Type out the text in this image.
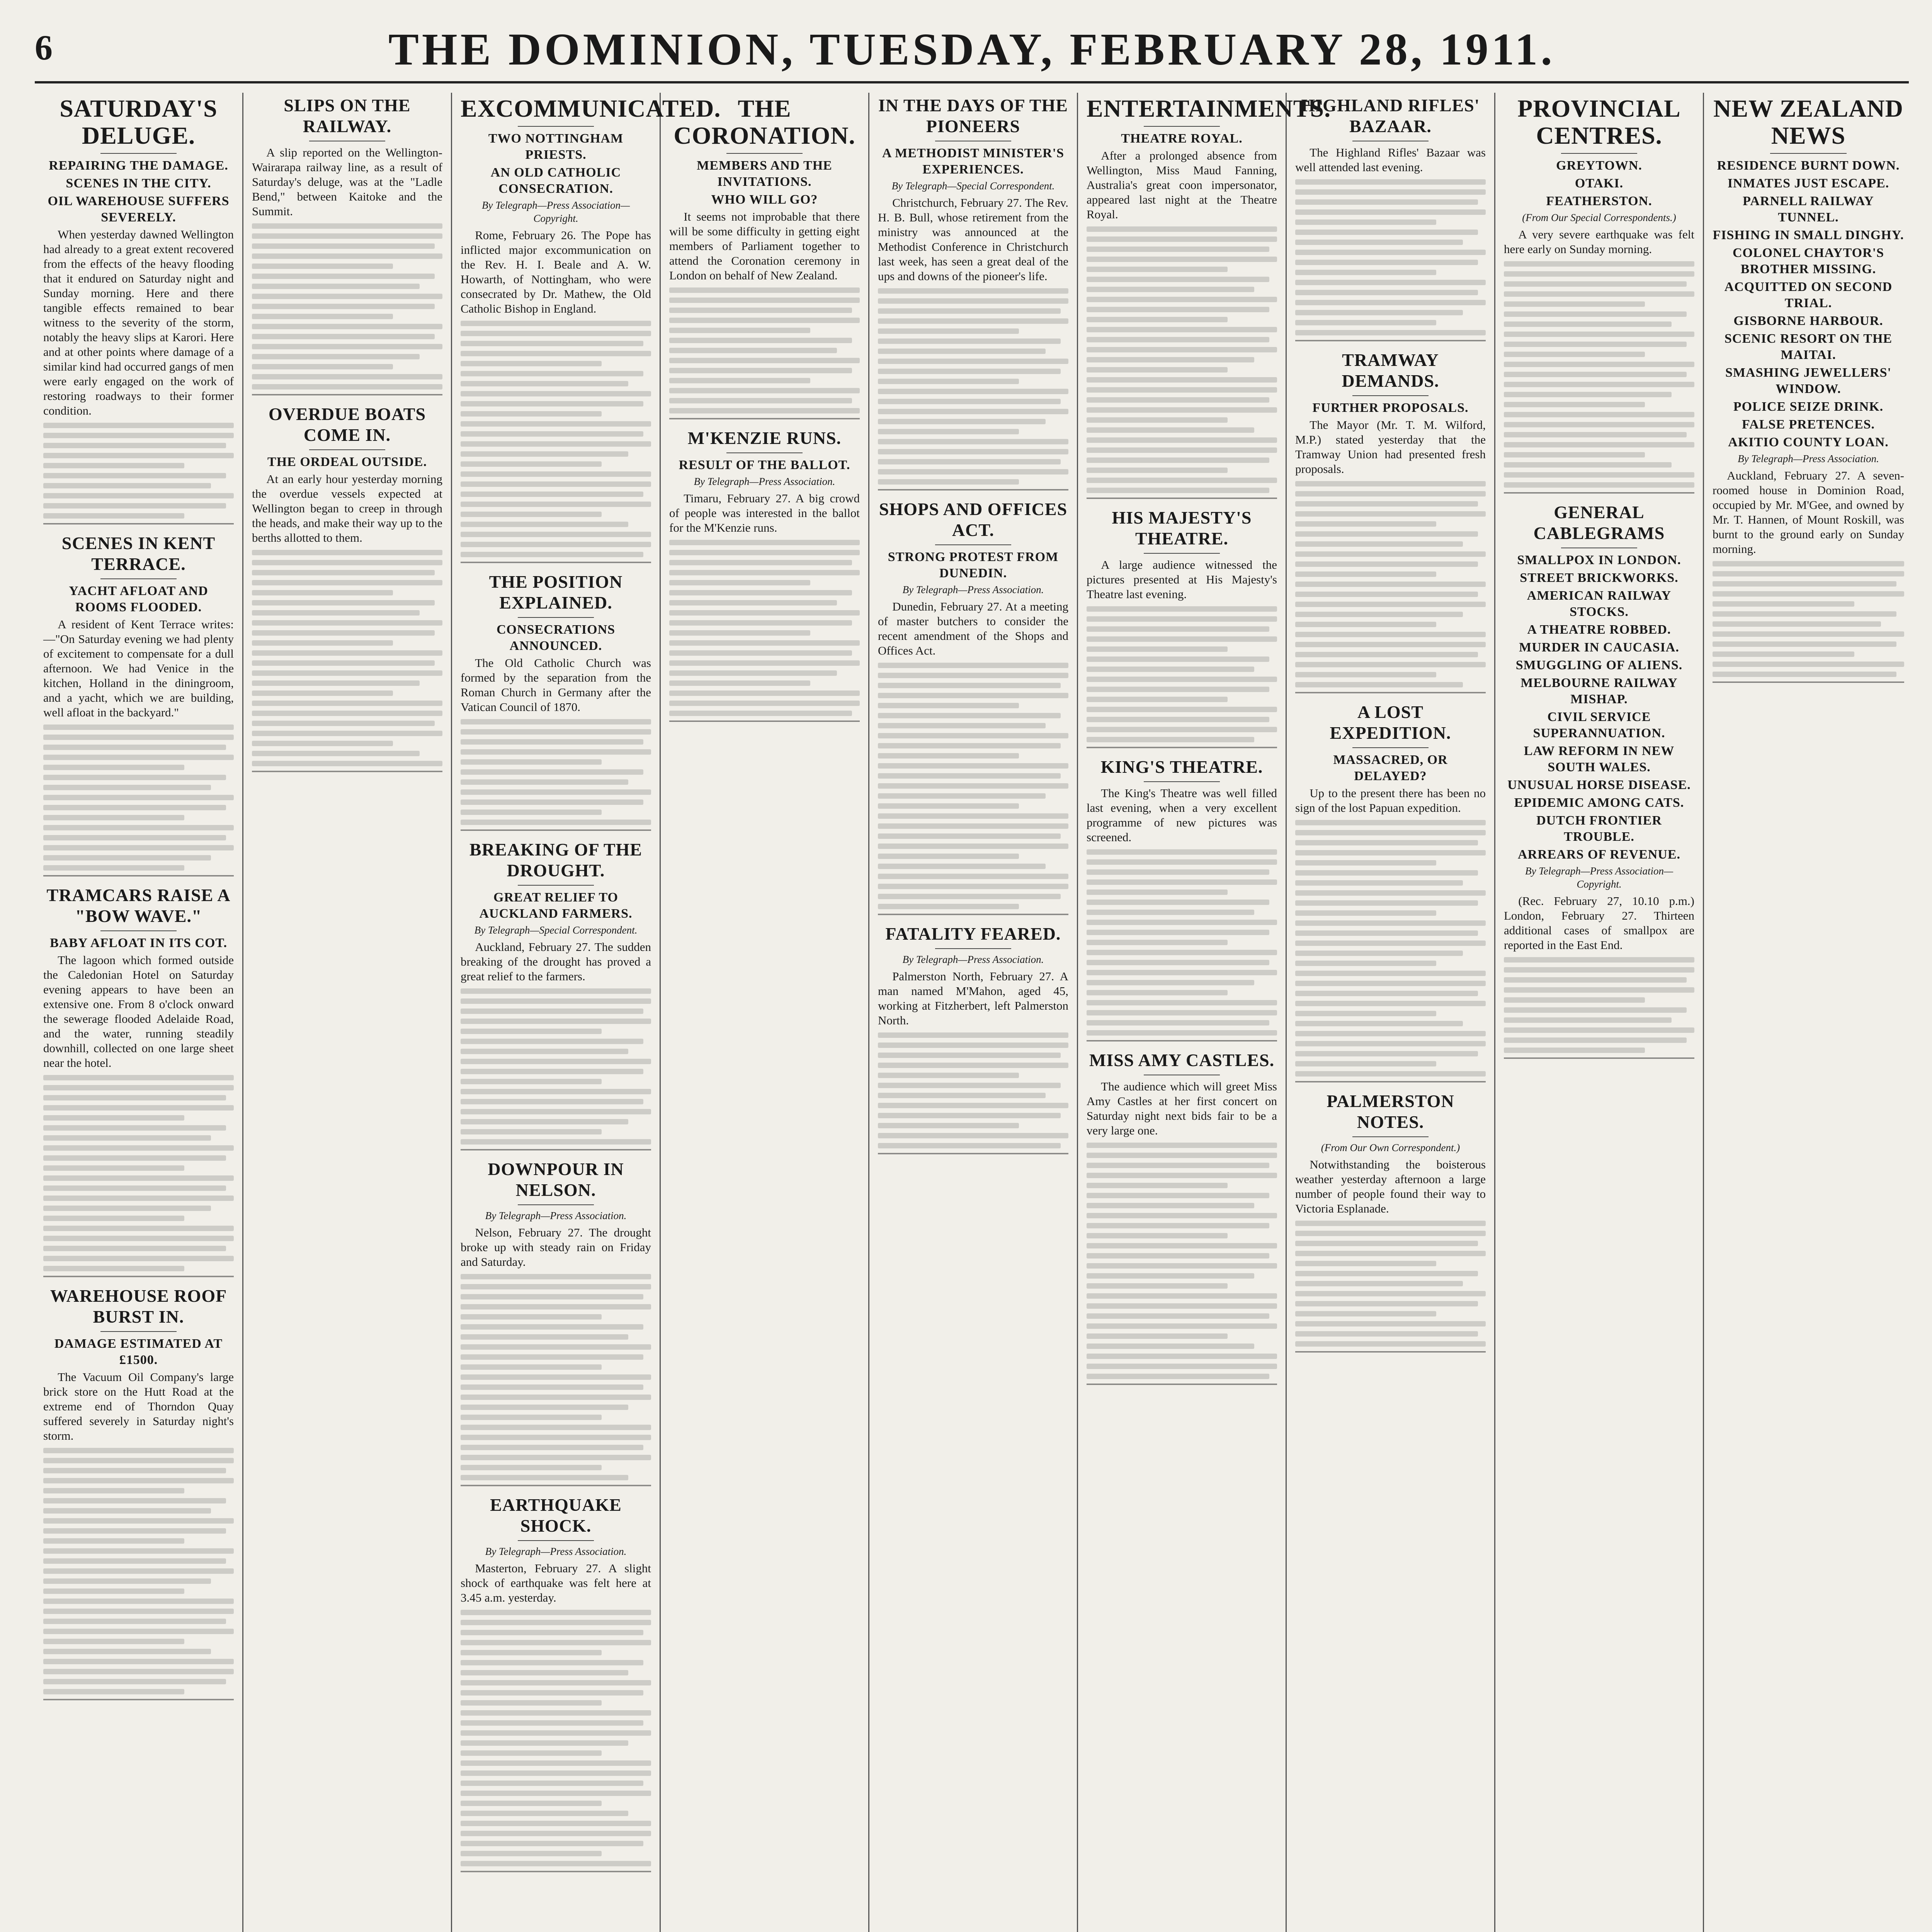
6	THE DOMINION, TUESDAY, FEBRUARY 28, 1911.
SATURDAY'S DELUGE.
REPAIRING THE DAMAGE.
SCENES IN THE CITY.
OIL WAREHOUSE SUFFERS SEVERELY.

When yesterday dawned Wellington had already to a great extent recovered from the effects of the heavy flooding that it endured on Saturday night and Sunday morning. Here and there tangible effects remained to bear witness to the severity of the storm, notably the heavy slips at Karori. Here and at other points where damage of a similar kind had occurred gangs of men were early engaged on the work of restoring roadways to their former condition.

SCENES IN KENT TERRACE.
YACHT AFLOAT AND ROOMS FLOODED.

A resident of Kent Terrace writes:—"On Saturday evening we had plenty of excitement to compensate for a dull afternoon. We had Venice in the kitchen, Holland in the diningroom, and a yacht, which we are building, well afloat in the backyard."

TRAMCARS RAISE A "BOW WAVE."
BABY AFLOAT IN ITS COT.

The lagoon which formed outside the Caledonian Hotel on Saturday evening appears to have been an extensive one. From 8 o'clock onward the sewerage flooded Adelaide Road, and the water, running steadily downhill, collected on one large sheet near the hotel.

WAREHOUSE ROOF BURST IN.
DAMAGE ESTIMATED AT £1500.

The Vacuum Oil Company's large brick store on the Hutt Road at the extreme end of Thorndon Quay suffered severely in Saturday night's storm.

SLIPS ON THE RAILWAY.

A slip reported on the Wellington-Wairarapa railway line, as a result of Saturday's deluge, was at the "Ladle Bend," between Kaitoke and the Summit.

OVERDUE BOATS COME IN.
THE ORDEAL OUTSIDE.

At an early hour yesterday morning the overdue vessels expected at Wellington began to creep in through the heads, and make their way up to the berths allotted to them.

EXCOMMUNICATED.
TWO NOTTINGHAM PRIESTS.
AN OLD CATHOLIC CONSECRATION.
By Telegraph—Press Association—Copyright.

Rome, February 26. The Pope has inflicted major excommunication on the Rev. H. I. Beale and A. W. Howarth, of Nottingham, who were consecrated by Dr. Mathew, the Old Catholic Bishop in England.

THE POSITION EXPLAINED.
CONSECRATIONS ANNOUNCED.

The Old Catholic Church was formed by the separation from the Roman Church in Germany after the Vatican Council of 1870.

BREAKING OF THE DROUGHT.
GREAT RELIEF TO AUCKLAND FARMERS.
By Telegraph—Special Correspondent.

Auckland, February 27. The sudden breaking of the drought has proved a great relief to the farmers.

DOWNPOUR IN NELSON.
By Telegraph—Press Association.

Nelson, February 27. The drought broke up with steady rain on Friday and Saturday.

EARTHQUAKE SHOCK.
By Telegraph—Press Association.

Masterton, February 27. A slight shock of earthquake was felt here at 3.45 a.m. yesterday.

THE CORONATION.
MEMBERS AND THE INVITATIONS.
WHO WILL GO?

It seems not improbable that there will be some difficulty in getting eight members of Parliament together to attend the Coronation ceremony in London on behalf of New Zealand.

M'KENZIE RUNS.
RESULT OF THE BALLOT.
By Telegraph—Press Association.

Timaru, February 27. A big crowd of people was interested in the ballot for the M'Kenzie runs.

IN THE DAYS OF THE PIONEERS
A METHODIST MINISTER'S EXPERIENCES.
By Telegraph—Special Correspondent.

Christchurch, February 27. The Rev. H. B. Bull, whose retirement from the ministry was announced at the Methodist Conference in Christchurch last week, has seen a great deal of the ups and downs of the pioneer's life.

SHOPS AND OFFICES ACT.
STRONG PROTEST FROM DUNEDIN.
By Telegraph—Press Association.

Dunedin, February 27. At a meeting of master butchers to consider the recent amendment of the Shops and Offices Act.

FATALITY FEARED.
By Telegraph—Press Association.

Palmerston North, February 27. A man named M'Mahon, aged 45, working at Fitzherbert, left Palmerston North.

ENTERTAINMENTS.
THEATRE ROYAL.

After a prolonged absence from Wellington, Miss Maud Fanning, Australia's great coon impersonator, appeared last night at the Theatre Royal.

HIS MAJESTY'S THEATRE.

A large audience witnessed the pictures presented at His Majesty's Theatre last evening.

KING'S THEATRE.

The King's Theatre was well filled last evening, when a very excellent programme of new pictures was screened.

MISS AMY CASTLES.

The audience which will greet Miss Amy Castles at her first concert on Saturday night next bids fair to be a very large one.

HIGHLAND RIFLES' BAZAAR.

The Highland Rifles' Bazaar was well attended last evening.

TRAMWAY DEMANDS.
FURTHER PROPOSALS.

The Mayor (Mr. T. M. Wilford, M.P.) stated yesterday that the Tramway Union had presented fresh proposals.

A LOST EXPEDITION.
MASSACRED, OR DELAYED?

Up to the present there has been no sign of the lost Papuan expedition.

PALMERSTON NOTES.
(From Our Own Correspondent.)

Notwithstanding the boisterous weather yesterday afternoon a large number of people found their way to Victoria Esplanade.

PROVINCIAL CENTRES.
GREYTOWN.
OTAKI.
FEATHERSTON.
(From Our Special Correspondents.)

A very severe earthquake was felt here early on Sunday morning.

GENERAL CABLEGRAMS
SMALLPOX IN LONDON.
STREET BRICKWORKS.
AMERICAN RAILWAY STOCKS.
A THEATRE ROBBED.
MURDER IN CAUCASIA.
SMUGGLING OF ALIENS.
MELBOURNE RAILWAY MISHAP.
CIVIL SERVICE SUPERANNUATION.
LAW REFORM IN NEW SOUTH WALES.
UNUSUAL HORSE DISEASE.
EPIDEMIC AMONG CATS.
DUTCH FRONTIER TROUBLE.
ARREARS OF REVENUE.
By Telegraph—Press Association—Copyright.

(Rec. February 27, 10.10 p.m.) London, February 27. Thirteen additional cases of smallpox are reported in the East End.

NEW ZEALAND NEWS
RESIDENCE BURNT DOWN.
INMATES JUST ESCAPE.
PARNELL RAILWAY TUNNEL.
FISHING IN SMALL DINGHY.
COLONEL CHAYTOR'S BROTHER MISSING.
ACQUITTED ON SECOND TRIAL.
GISBORNE HARBOUR.
SCENIC RESORT ON THE MAITAI.
SMASHING JEWELLERS' WINDOW.
POLICE SEIZE DRINK.
FALSE PRETENCES.
AKITIO COUNTY LOAN.
By Telegraph—Press Association.

Auckland, February 27. A seven-roomed house in Dominion Road, occupied by Mr. M'Gee, and owned by Mr. T. Hannen, of Mount Roskill, was burnt to the ground early on Sunday morning.
